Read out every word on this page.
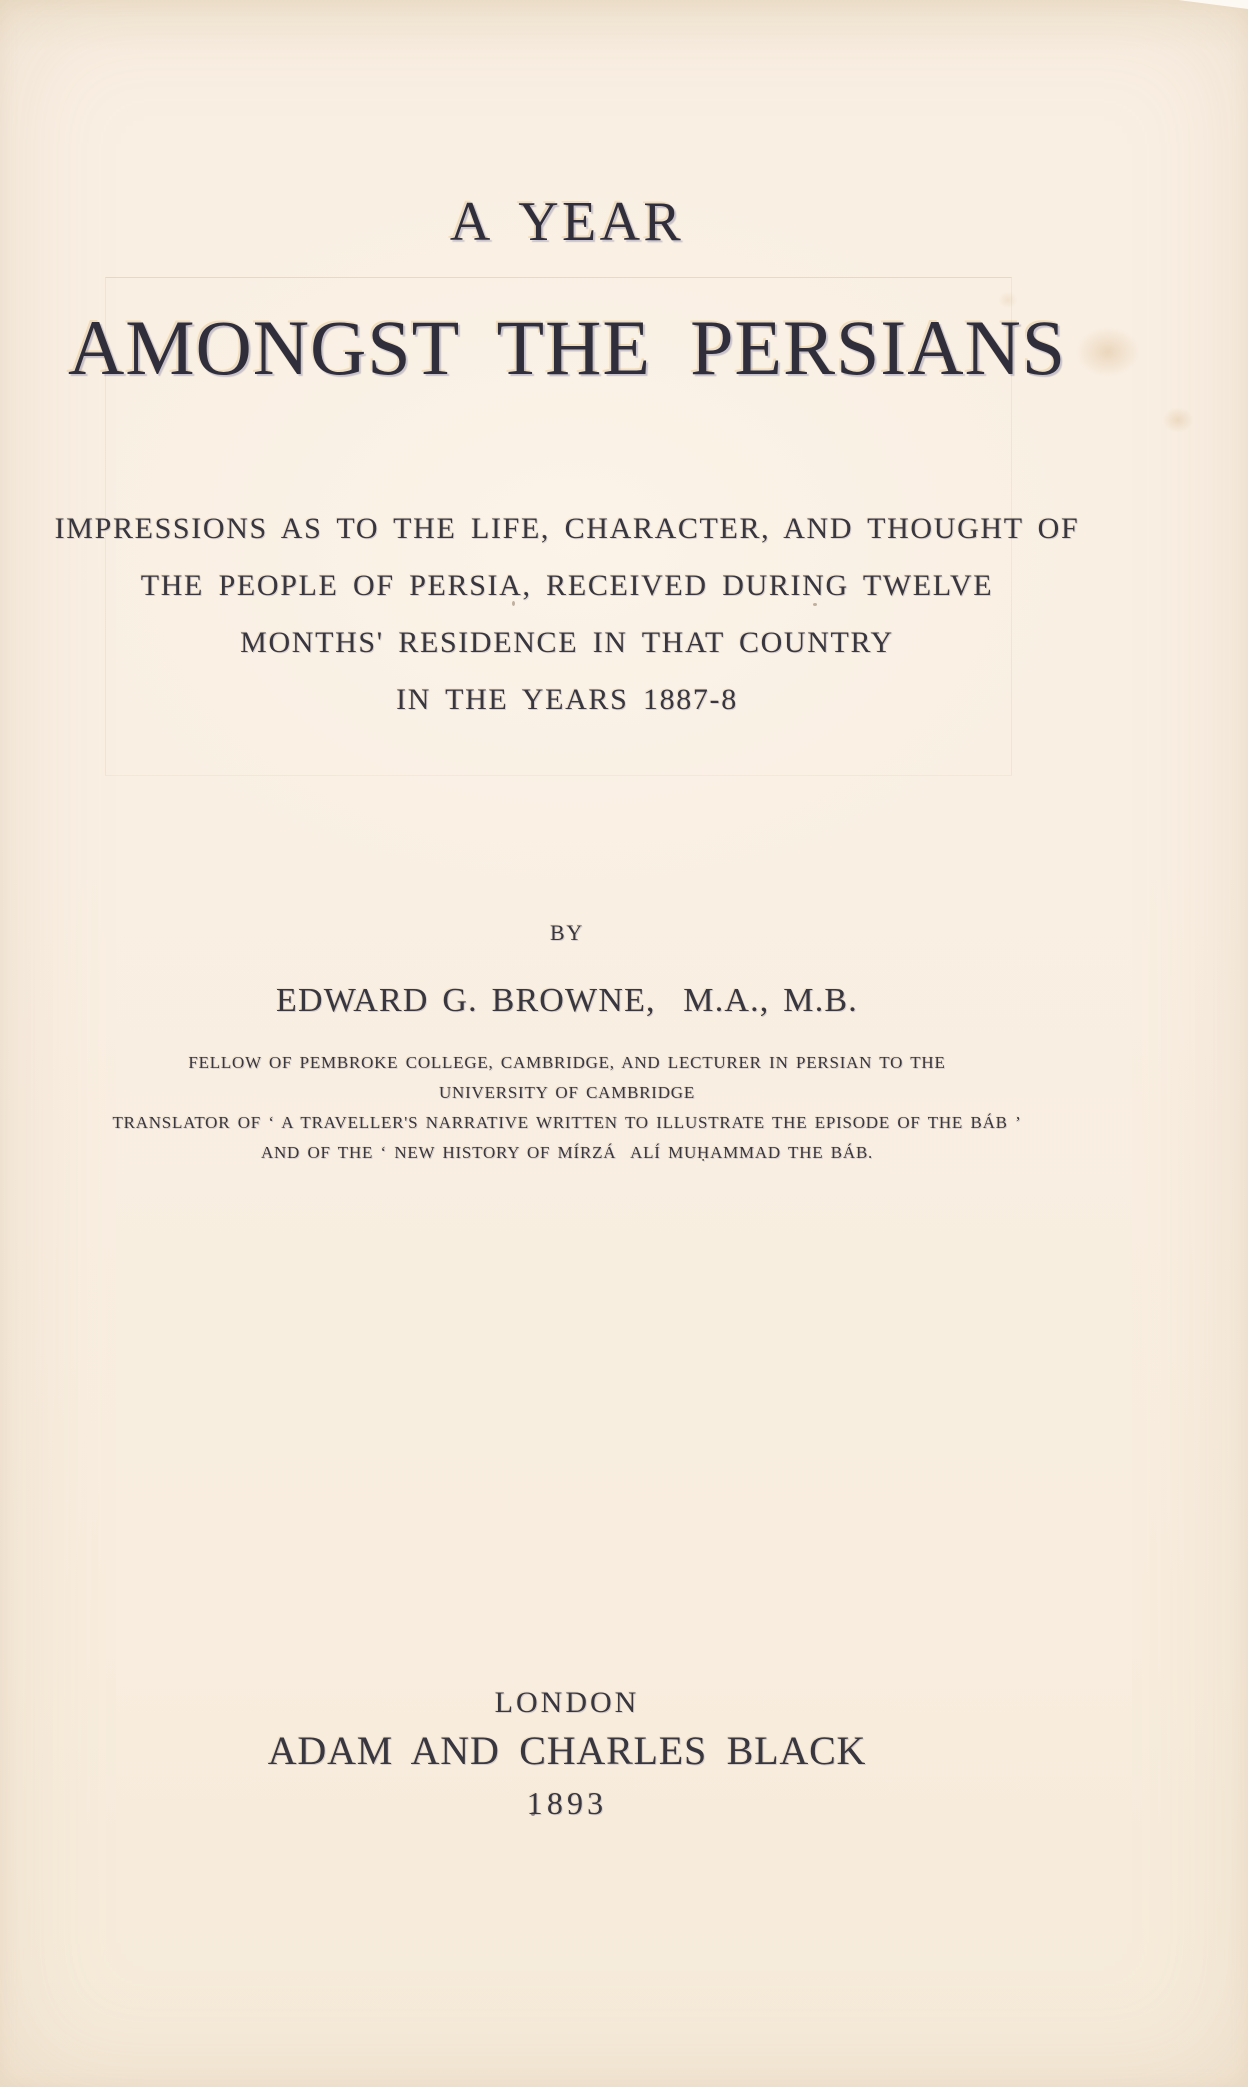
A YEAR
AMONGST THE PERSIANS
IMPRESSIONS AS TO THE LIFE, CHARACTER, AND THOUGHT OF
THE PEOPLE OF PERSIA, RECEIVED DURING TWELVE
MONTHS' RESIDENCE IN THAT COUNTRY
IN THE YEARS 1887-8
BY
EDWARD G. BROWNE,  M.A., M.B.
FELLOW OF PEMBROKE COLLEGE, CAMBRIDGE, AND LECTURER IN PERSIAN TO THE
UNIVERSITY OF CAMBRIDGE
TRANSLATOR OF ‘ A TRAVELLER'S NARRATIVE WRITTEN TO ILLUSTRATE THE EPISODE OF THE BÁB ’
AND OF THE ‘ NEW HISTORY OF MÍRZÁ  ALÍ MUḤAMMAD THE BÁB.
LONDON
ADAM AND CHARLES BLACK
1893
